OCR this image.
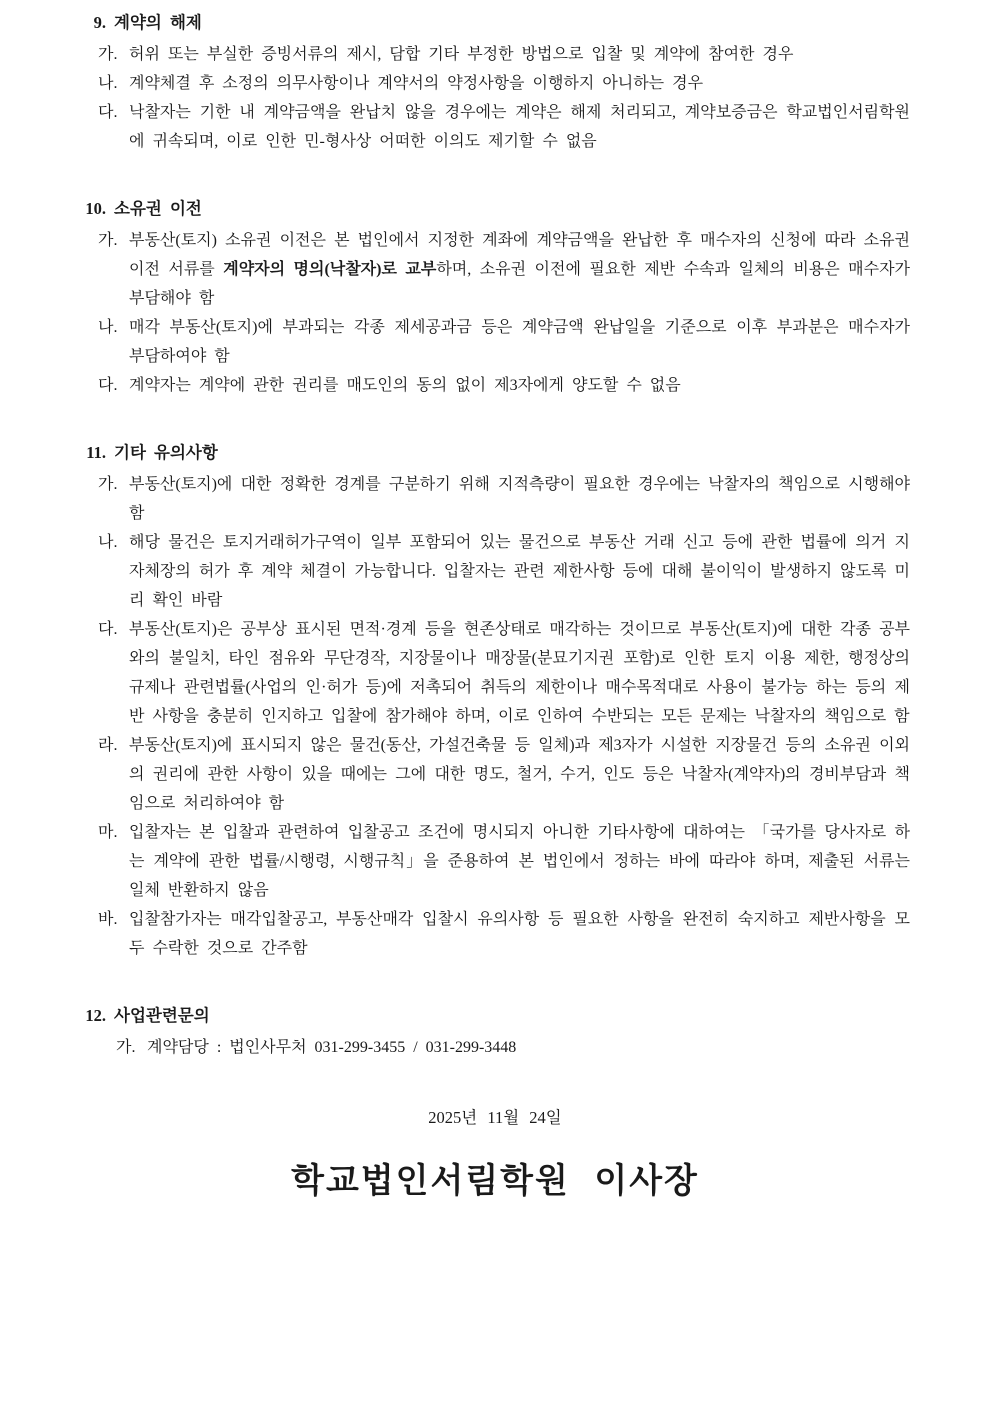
9. 계약의 해제
가. 허위 또는 부실한 증빙서류의 제시, 담합 기타 부정한 방법으로 입찰 및 계약에 참여한 경우
나. 계약체결 후 소정의 의무사항이나 계약서의 약정사항을 이행하지 아니하는 경우
다. 낙찰자는 기한 내 계약금액을 완납치 않을 경우에는 계약은 해제 처리되고, 계약보증금은 학교법인서림학원에 귀속되며, 이로 인한 민-형사상 어떠한 이의도 제기할 수 없음
10. 소유권 이전
가. 부동산(토지) 소유권 이전은 본 법인에서 지정한 계좌에 계약금액을 완납한 후 매수자의 신청에 따라 소유권 이전 서류를 계약자의 명의(낙찰자)로 교부하며, 소유권 이전에 필요한 제반 수속과 일체의 비용은 매수자가 부담해야 함
나. 매각 부동산(토지)에 부과되는 각종 제세공과금 등은 계약금액 완납일을 기준으로 이후 부과분은 매수자가 부담하여야 함
다. 계약자는 계약에 관한 권리를 매도인의 동의 없이 제3자에게 양도할 수 없음
11. 기타 유의사항
가. 부동산(토지)에 대한 정확한 경계를 구분하기 위해 지적측량이 필요한 경우에는 낙찰자의 책임으로 시행해야 함
나. 해당 물건은 토지거래허가구역이 일부 포함되어 있는 물건으로 부동산 거래 신고 등에 관한 법률에 의거 지자체장의 허가 후 계약 체결이 가능합니다. 입찰자는 관련 제한사항 등에 대해 불이익이 발생하지 않도록 미리 확인 바람
다. 부동산(토지)은 공부상 표시된 면적·경계 등을 현존상태로 매각하는 것이므로 부동산(토지)에 대한 각종 공부와의 불일치, 타인 점유와 무단경작, 지장물이나 매장물(분묘기지권 포함)로 인한 토지 이용 제한, 행정상의 규제나 관련법률(사업의 인·허가 등)에 저촉되어 취득의 제한이나 매수목적대로 사용이 불가능 하는 등의 제반 사항을 충분히 인지하고 입찰에 참가해야 하며, 이로 인하여 수반되는 모든 문제는 낙찰자의 책임으로 함
라. 부동산(토지)에 표시되지 않은 물건(동산, 가설건축물 등 일체)과 제3자가 시설한 지장물건 등의 소유권 이외의 권리에 관한 사항이 있을 때에는 그에 대한 명도, 철거, 수거, 인도 등은 낙찰자(계약자)의 경비부담과 책임으로 처리하여야 함
마. 입찰자는 본 입찰과 관련하여 입찰공고 조건에 명시되지 아니한 기타사항에 대하여는 「국가를 당사자로 하는 계약에 관한 법률/시행령, 시행규칙」을 준용하여 본 법인에서 정하는 바에 따라야 하며, 제출된 서류는 일체 반환하지 않음
바. 입찰참가자는 매각입찰공고, 부동산매각 입찰시 유의사항 등 필요한 사항을 완전히 숙지하고 제반사항을 모두 수락한 것으로 간주함
12. 사업관련문의
가. 계약담당 : 법인사무처 031-299-3455 / 031-299-3448
2025년 11월 24일
학교법인서림학원 이사장
